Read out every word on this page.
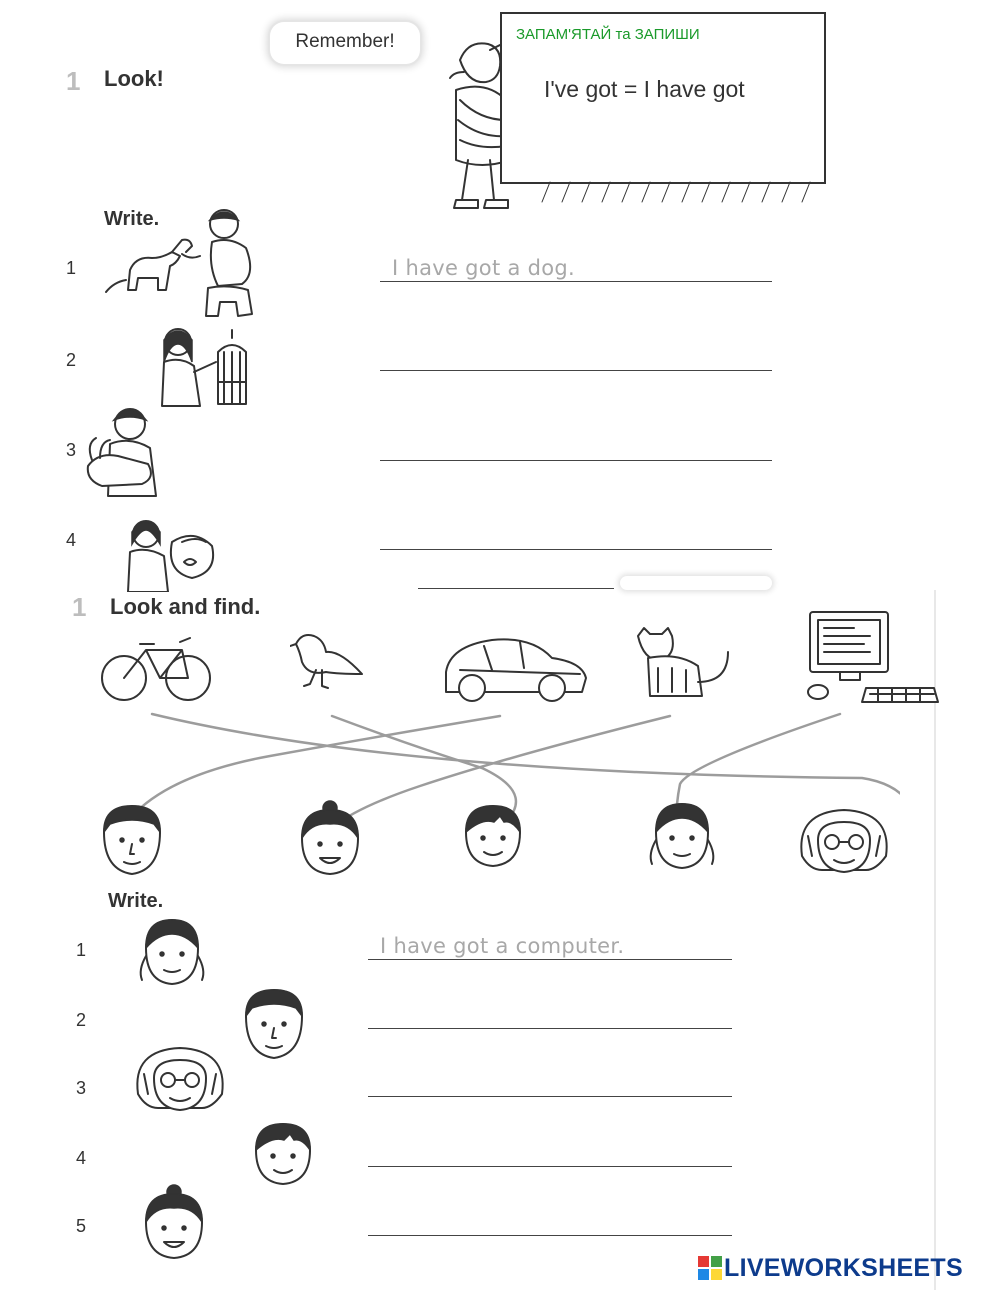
1 Look!
Remember!	ЗАПАМ'ЯТАЙ та ЗАПИШИ
I've got = I have got
Write.
1	I have got a dog.
2
3
4
1 Look and find.
Write.
1	I have got a computer.
2
3
4
5
LIVEWORKSHEETS
